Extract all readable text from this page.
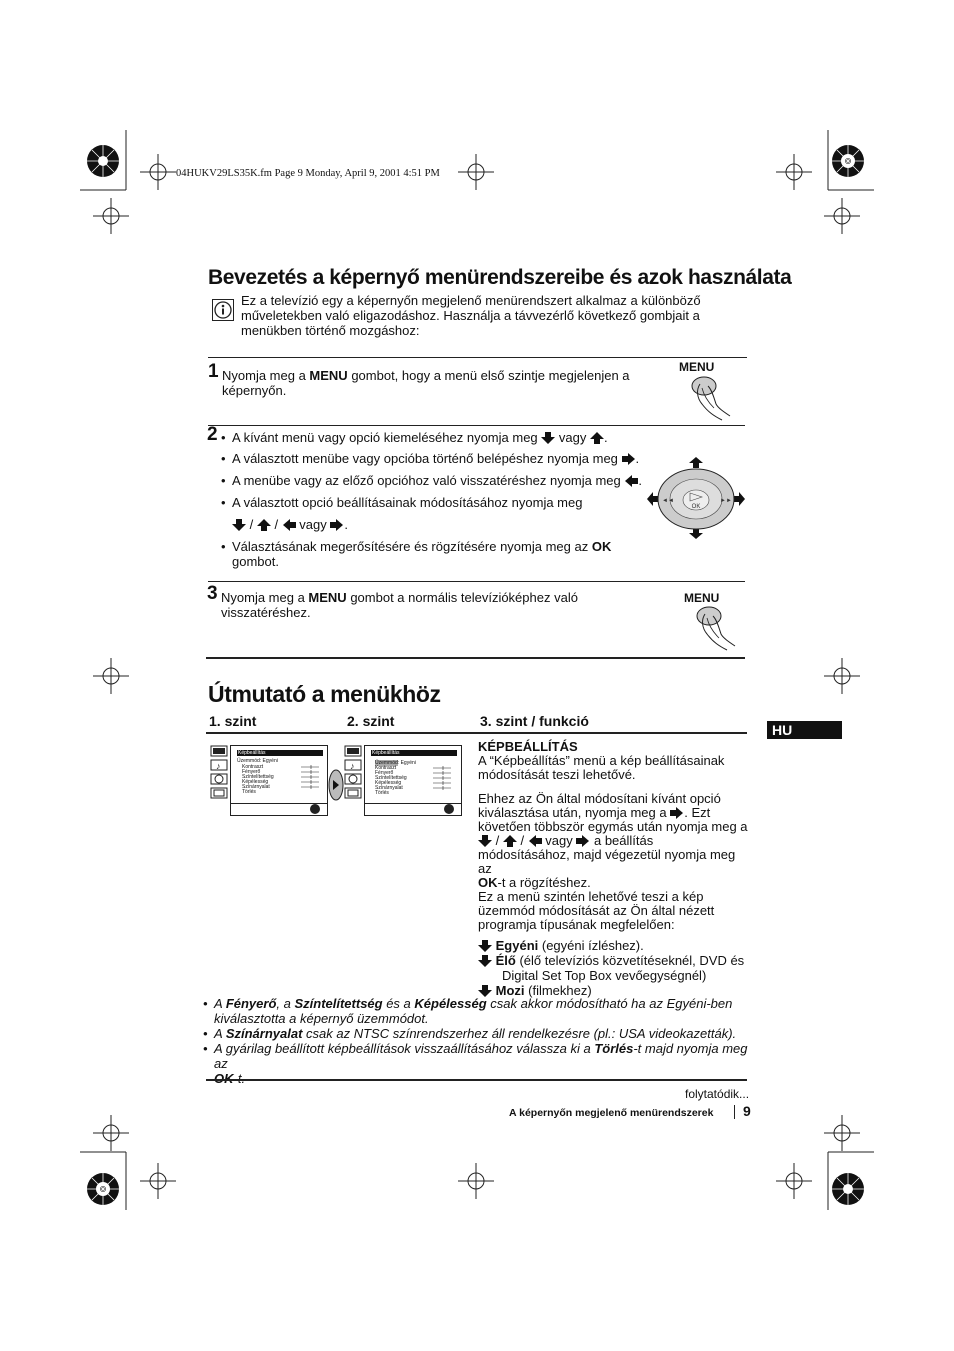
04HUKV29LS35K.fm Page 9 Monday, April 9, 2001 4:51 PM
Bevezetés a képernyő menürendszereibe és azok használata
Ez a televízió egy a képernyőn megjelenő menürendszert alkalmaz a különböző
műveletekben való eligazodáshoz. Használja a távvezérlő következő gombjait a
menükben történő mozgáshoz:
1 Nyomja meg a MENU gombot, hogy a menü első szintje megjelenjen a
képernyőn.
MENU
2
•	A kívánt menü vagy opció kiemeléséhez nyomja meg  vagy .
• A választott menübe vagy opcióba történő belépéshez nyomja meg .
• A menübe vagy az előző opcióhoz való visszatéréshez nyomja meg .
• A választott opció beállításainak módosításához nyomja meg
/  /  vagy .
• Választásának megerősítésére és rögzítésére nyomja meg az OK
gombot.
OK
◄◄	►►
3 Nyomja meg a MENU gombot a normális televízióképhez való
visszatéréshez.
MENU
Útmutató a menükhöz
1. szint	2. szint	3. szint / funkció
HU
♪
Képbeállítás
Üzemmód: Egyéni
Kontraszt
Fényerő
Színtelítettség
Képélesség
Színárnyalat
Törlés
♪
Képbeállítás
Üzemmód: Egyéni
Kontraszt
Fényerő
Színtelítettség
Képélesség
Színárnyalat
Törlés
KÉPBEÁLLÍTÁS
A “Képbeállítás” menü a kép beállításainak
módosítását teszi lehetővé.
Ehhez az Ön által módosítani kívánt opció
kiválasztása után, nyomja meg a . Ezt
követően többször egymás után nyomja meg a
/  /  vagy  a beállítás
módosításához, majd végezetül nyomja meg az
OK-t a rögzítéshez.
Ez a menü szintén lehetővé teszi a kép
üzemmód módosítását az Ön által nézett
programja típusának megfelelően:
Egyéni (egyéni ízléshez).
Élő (élő televíziós közvetítéseknél, DVD és
Digital Set Top Box vevőegységnél)
Mozi (filmekhez)
• A Fényerő, a Színtelítettség és a Képélesség csak akkor módosítható ha az Egyéni-ben
kiválasztotta a képernyő üzemmódot.
• A Színárnyalat csak az NTSC színrendszerhez áll rendelkezésre (pl.: USA videokazetták).
• A gyárilag beállított képbeállítások visszaállításához válassza ki a Törlés-t majd nyomja meg az
folytatódik...
A képernyőn megjelenő menürendszerek 9
